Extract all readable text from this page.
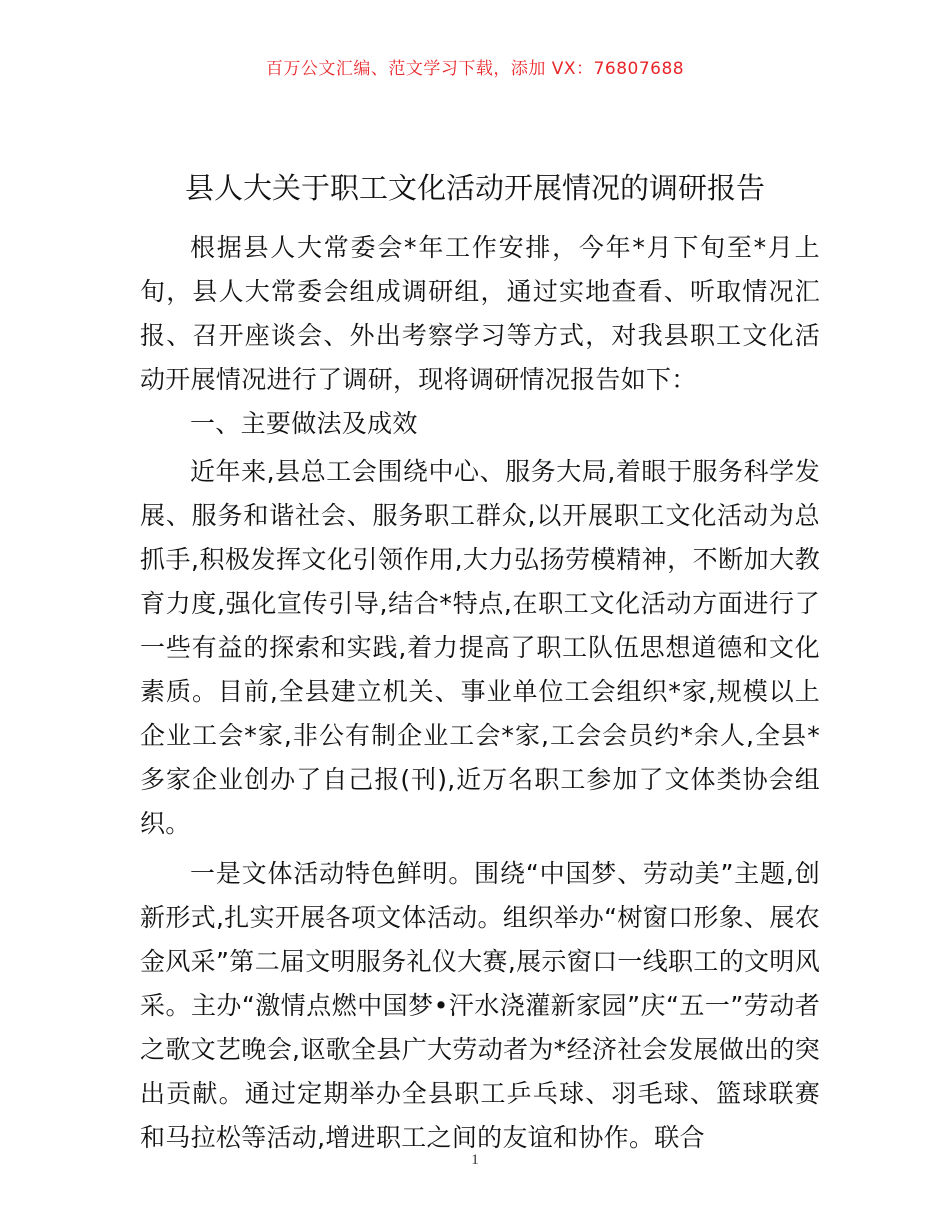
百万公文汇编、范文学习下载，添加 VX：76807688
县人大关于职工文化活动开展情况的调研报告

根据县人大常委会*年工作安排，今年*月下旬至*月上旬，县人大常委会组成调研组，通过实地查看、听取情况汇报、召开座谈会、外出考察学习等方式，对我县职工文化活动开展情况进行了调研，现将调研情况报告如下：

一、主要做法及成效

近年来,县总工会围绕中心、服务大局,着眼于服务科学发展、服务和谐社会、服务职工群众,以开展职工文化活动为总抓手,积极发挥文化引领作用,大力弘扬劳模精神，不断加大教育力度,强化宣传引导,结合*特点,在职工文化活动方面进行了一些有益的探索和实践,着力提高了职工队伍思想道德和文化素质。目前,全县建立机关、事业单位工会组织*家,规模以上企业工会*家,非公有制企业工会*家,工会会员约*余人,全县*多家企业创办了自己报(刊),近万名职工参加了文体类协会组织。

一是文体活动特色鲜明。围绕“中国梦、劳动美”主题,创新形式,扎实开展各项文体活动。组织举办“树窗口形象、展农金风采”第二届文明服务礼仪大赛,展示窗口一线职工的文明风采。主办“激情点燃中国梦•汗水浇灌新家园”庆“五一”劳动者之歌文艺晚会,讴歌全县广大劳动者为*经济社会发展做出的突出贡献。通过定期举办全县职工乒乓球、羽毛球、篮球联赛和马拉松等活动,增进职工之间的友谊和协作。联合

1
